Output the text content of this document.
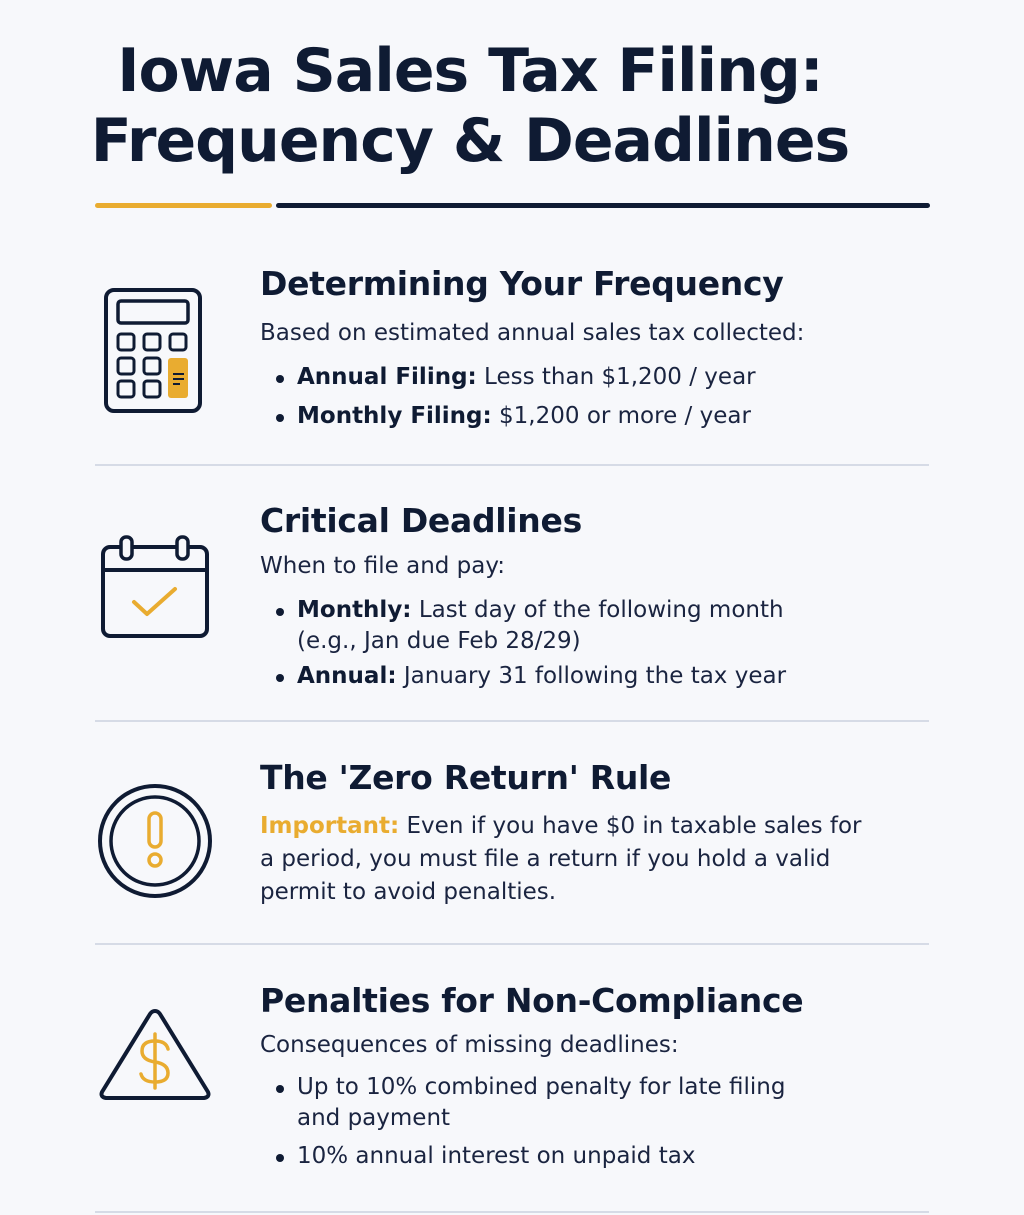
Iowa Sales Tax Filing:
Frequency & Deadlines
Determining Your Frequency

Based on estimated annual sales tax collected:

Annual Filing: Less than $1,200 / year
Monthly Filing: $1,200 or more / year
Critical Deadlines

When to file and pay:

Monthly: Last day of the following month
(e.g., Jan due Feb 28/29)
Annual: January 31 following the tax year
The 'Zero Return' Rule

Important: Even if you have $0 in taxable sales for a period, you must file a return if you hold a valid permit to avoid penalties.

Penalties for Non-Compliance

Consequences of missing deadlines:

Up to 10% combined penalty for late filing
and payment
10% annual interest on unpaid tax
